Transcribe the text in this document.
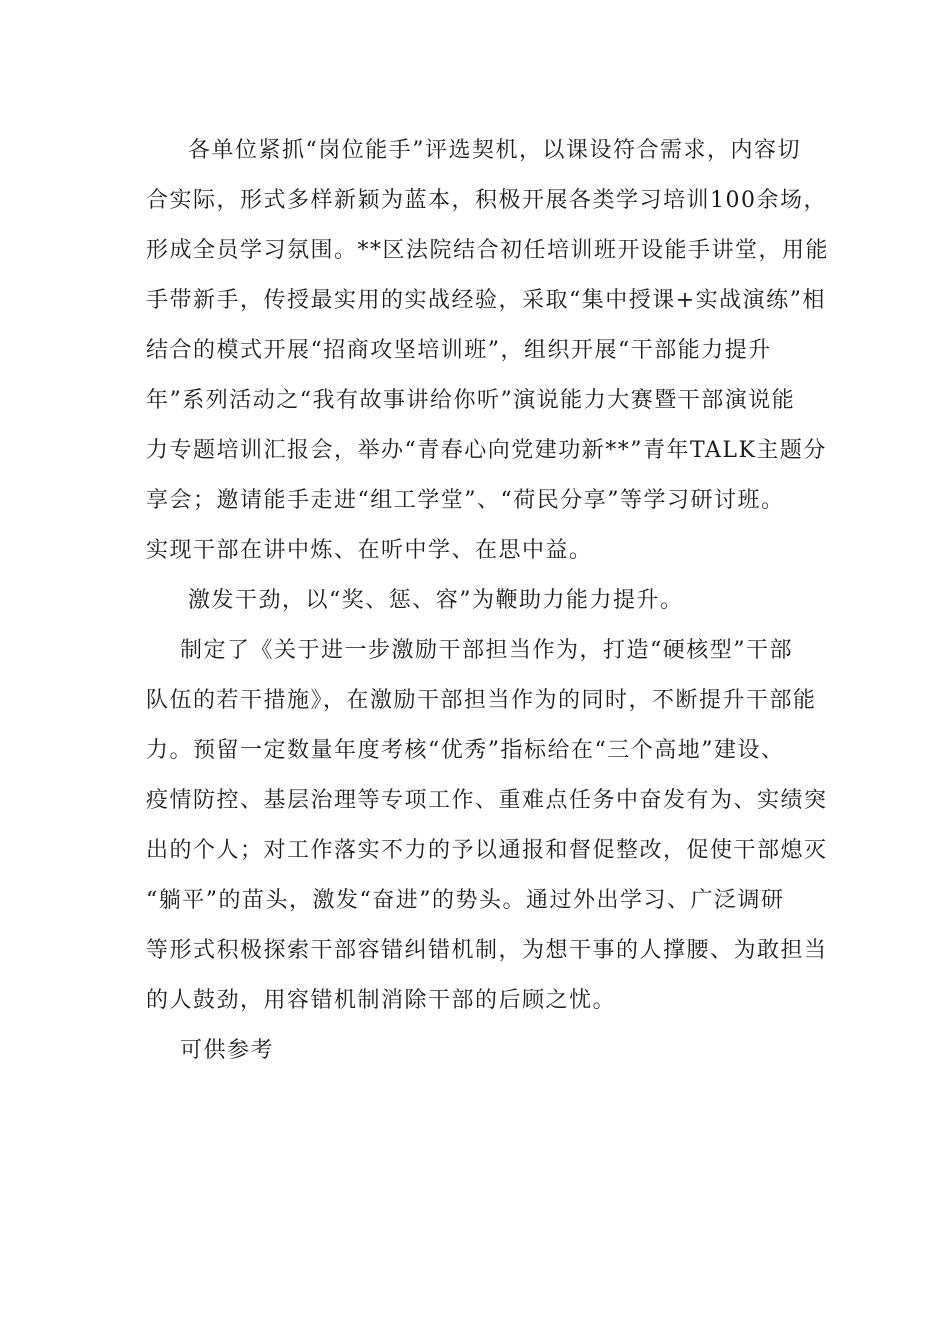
各单位紧抓“岗位能手”评选契机，以课设符合需求，内容切
合实际，形式多样新颖为蓝本，积极开展各类学习培训100余场，
形成全员学习氛围。**区法院结合初任培训班开设能手讲堂，用能
手带新手，传授最实用的实战经验，采取“集中授课+实战演练”相
结合的模式开展“招商攻坚培训班”，组织开展“干部能力提升
年”系列活动之“我有故事讲给你听”演说能力大赛暨干部演说能
力专题培训汇报会，举办“青春心向党建功新**”青年TALK主题分
享会；邀请能手走进“组工学堂”、“荷民分享”等学习研讨班。
实现干部在讲中炼、在听中学、在思中益。
激发干劲，以“奖、惩、容”为鞭助力能力提升。
制定了《关于进一步激励干部担当作为，打造“硬核型”干部
队伍的若干措施》，在激励干部担当作为的同时，不断提升干部能
力。预留一定数量年度考核“优秀”指标给在“三个高地”建设、
疫情防控、基层治理等专项工作、重难点任务中奋发有为、实绩突
出的个人；对工作落实不力的予以通报和督促整改，促使干部熄灭
“躺平”的苗头，激发“奋进”的势头。通过外出学习、广泛调研
等形式积极探索干部容错纠错机制，为想干事的人撑腰、为敢担当
的人鼓劲，用容错机制消除干部的后顾之忧。
可供参考
